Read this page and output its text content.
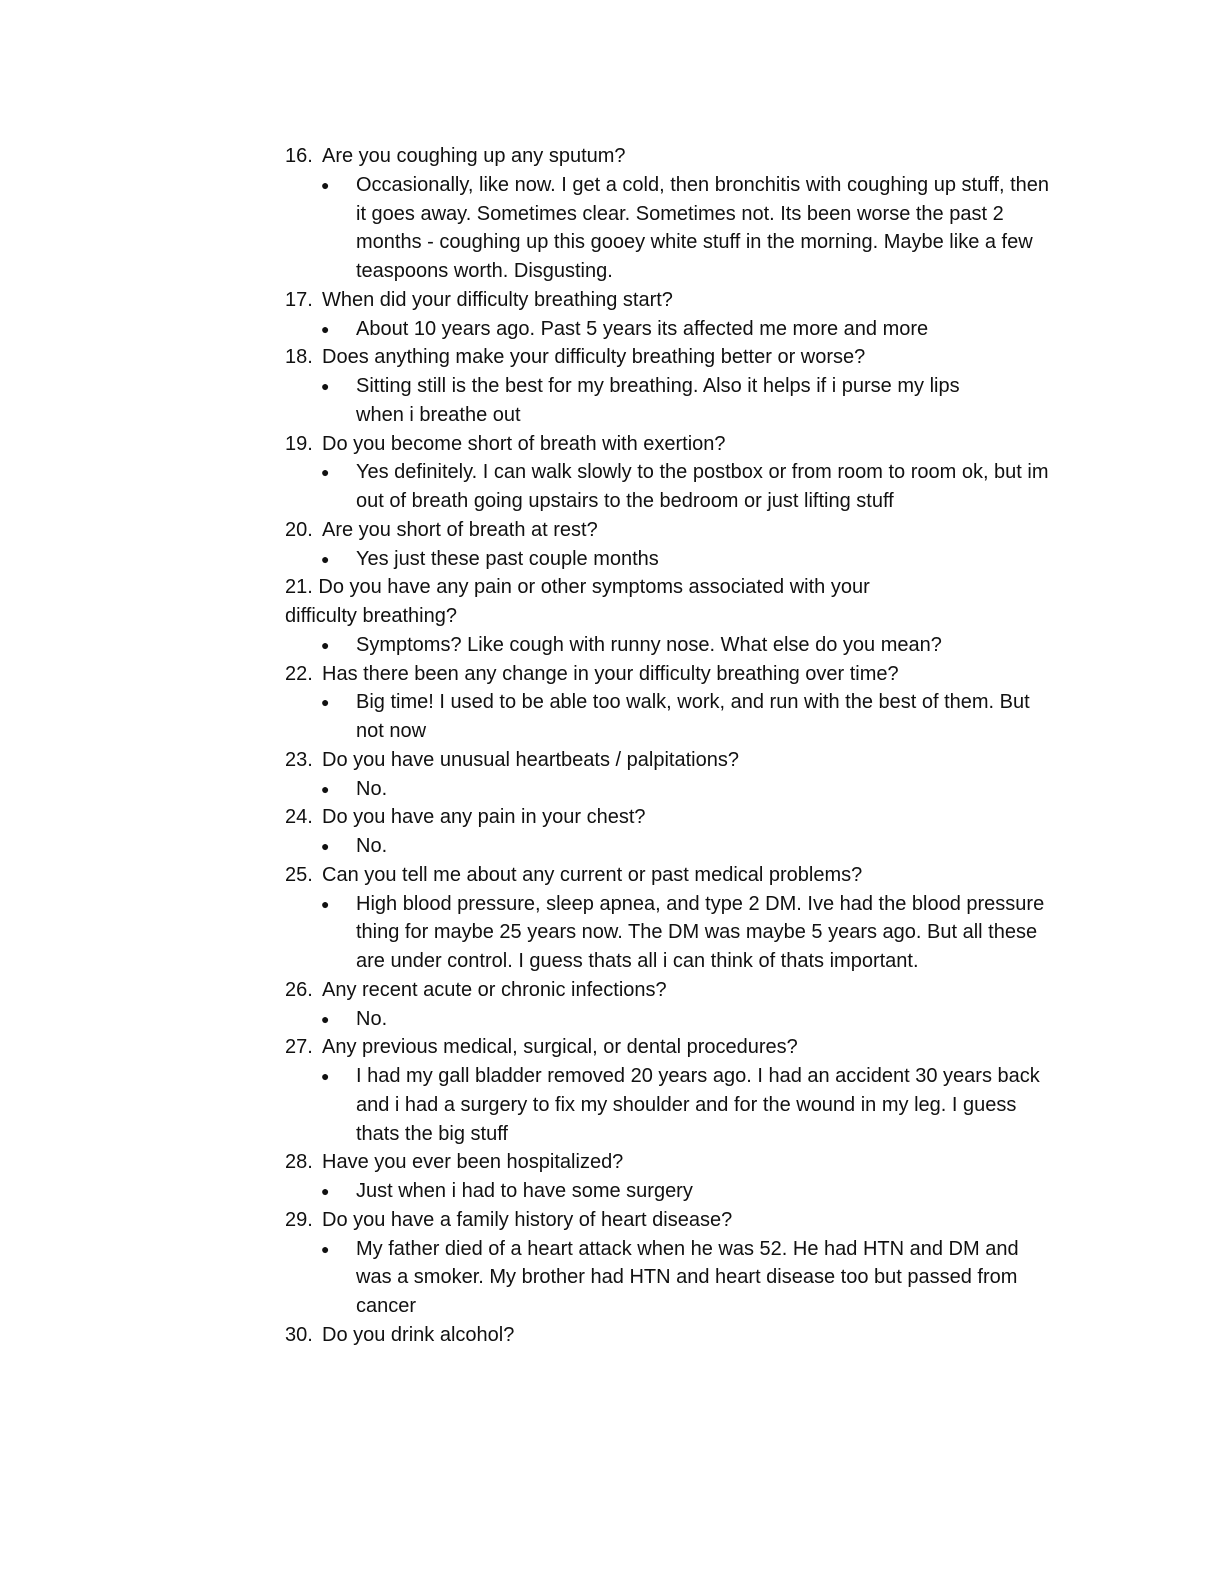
16. Are you coughing up any sputum?
● Occasionally, like now. I get a cold, then bronchitis with coughing up stuff, then it goes away. Sometimes clear. Sometimes not. Its been worse the past 2 months - coughing up this gooey white stuff in the morning. Maybe like a few teaspoons worth. Disgusting.
17. When did your difficulty breathing start?
● About 10 years ago. Past 5 years its affected me more and more
18. Does anything make your difficulty breathing better or worse?
● Sitting still is the best for my breathing. Also it helps if i purse my lips when i breathe out
19. Do you become short of breath with exertion?
● Yes definitely. I can walk slowly to the postbox or from room to room ok, but im out of breath going upstairs to the bedroom or just lifting stuff
20. Are you short of breath at rest?
● Yes just these past couple months
21. Do you have any pain or other symptoms associated with your difficulty breathing?
● Symptoms? Like cough with runny nose. What else do you mean?
22. Has there been any change in your difficulty breathing over time?
● Big time! I used to be able too walk, work, and run with the best of them. But not now
23. Do you have unusual heartbeats / palpitations?
● No.
24. Do you have any pain in your chest?
● No.
25. Can you tell me about any current or past medical problems?
● High blood pressure, sleep apnea, and type 2 DM. Ive had the blood pressure thing for maybe 25 years now. The DM was maybe 5 years ago. But all these are under control. I guess thats all i can think of thats important.
26. Any recent acute or chronic infections?
● No.
27. Any previous medical, surgical, or dental procedures?
● I had my gall bladder removed 20 years ago. I had an accident 30 years back and i had a surgery to fix my shoulder and for the wound in my leg. I guess thats the big stuff
28. Have you ever been hospitalized?
● Just when i had to have some surgery
29. Do you have a family history of heart disease?
● My father died of a heart attack when he was 52. He had HTN and DM and was a smoker. My brother had HTN and heart disease too but passed from cancer
30. Do you drink alcohol?
